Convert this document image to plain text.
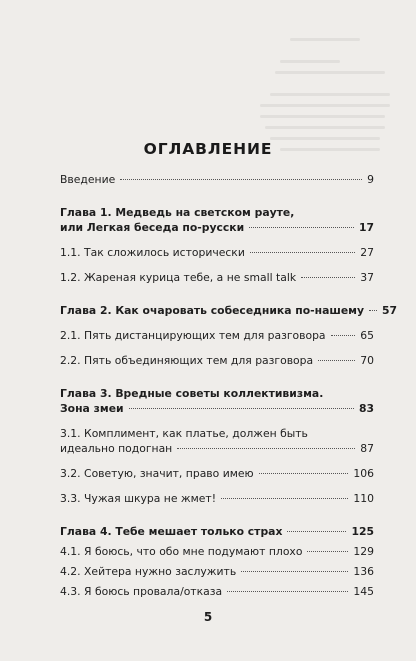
ОГЛАВЛЕНИЕ
Введение	9
Глава 1. Медведь на светском рауте,
или Легкая беседа по-русски	17
1.1. Так сложилось исторически	27
1.2. Жареная курица тебе, а не small talk	37
Глава 2. Как очаровать собеседника по-нашему 57
2.1. Пять дистанцирующих тем для разговора	65
2.2. Пять объединяющих тем для разговора	70
Глава 3. Вредные советы коллективизма.
Зона змеи	83
3.1. Комплимент, как платье, должен быть
идеально подогнан	87
3.2. Советую, значит, право имею	106
3.3. Чужая шкура не жмет!	110
Глава 4. Тебе мешает только страх	125
4.1. Я боюсь, что обо мне подумают плохо	129
4.2. Хейтера нужно заслужить	136
4.3. Я боюсь провала/отказа	145
5
